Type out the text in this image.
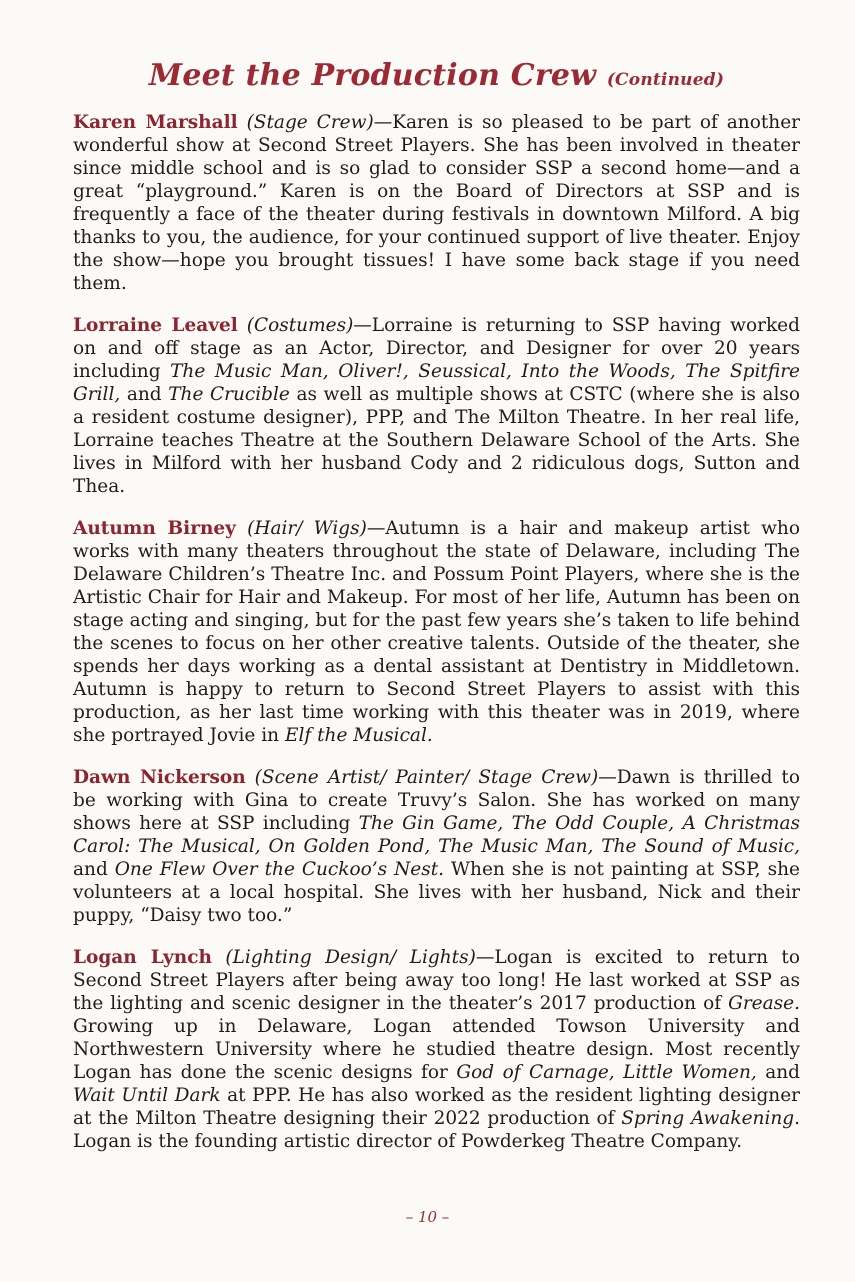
Meet the Production Crew (Continued)

Karen Marshall (Stage Crew)—Karen is so pleased to be part of another wonderful show at Second Street Players. She has been involved in theater since middle school and is so glad to consider SSP a second home—and a great “playground.” Karen is on the Board of Directors at SSP and is frequently a face of the theater during festivals in downtown Milford. A big thanks to you, the audience, for your continued support of live theater. Enjoy the show—hope you brought tissues! I have some back stage if you need them.

Lorraine Leavel (Costumes)—Lorraine is returning to SSP having worked on and off stage as an Actor, Director, and Designer for over 20 years including The Music Man, Oliver!, Seussical, Into the Woods, The Spitfire Grill, and The Crucible as well as multiple shows at CSTC (where she is also a resident costume designer), PPP, and The Milton Theatre. In her real life, Lorraine teaches Theatre at the Southern Delaware School of the Arts. She lives in Milford with her husband Cody and 2 ridiculous dogs, Sutton and Thea.

Autumn Birney (Hair/ Wigs)—Autumn is a hair and makeup artist who works with many theaters throughout the state of Delaware, including The Delaware Children’s Theatre Inc. and Possum Point Players, where she is the Artistic Chair for Hair and Makeup. For most of her life, Autumn has been on stage acting and singing, but for the past few years she’s taken to life behind the scenes to focus on her other creative talents. Outside of the theater, she spends her days working as a dental assistant at Dentistry in Middletown. Autumn is happy to return to Second Street Players to assist with this production, as her last time working with this theater was in 2019, where she portrayed Jovie in Elf the Musical.

Dawn Nickerson (Scene Artist/ Painter/ Stage Crew)—Dawn is thrilled to be working with Gina to create Truvy’s Salon. She has worked on many shows here at SSP including The Gin Game, The Odd Couple, A Christmas Carol: The Musical, On Golden Pond, The Music Man, The Sound of Music, and One Flew Over the Cuckoo’s Nest. When she is not painting at SSP, she volunteers at a local hospital. She lives with her husband, Nick and their puppy, “Daisy two too.”

Logan Lynch (Lighting Design/ Lights)—Logan is excited to return to Second Street Players after being away too long! He last worked at SSP as the lighting and scenic designer in the theater’s 2017 production of Grease. Growing up in Delaware, Logan attended Towson University and Northwestern University where he studied theatre design. Most recently Logan has done the scenic designs for God of Carnage, Little Women, and Wait Until Dark at PPP. He has also worked as the resident lighting designer at the Milton Theatre designing their 2022 production of Spring Awakening. Logan is the founding artistic director of Powderkeg Theatre Company.

– 10 –
